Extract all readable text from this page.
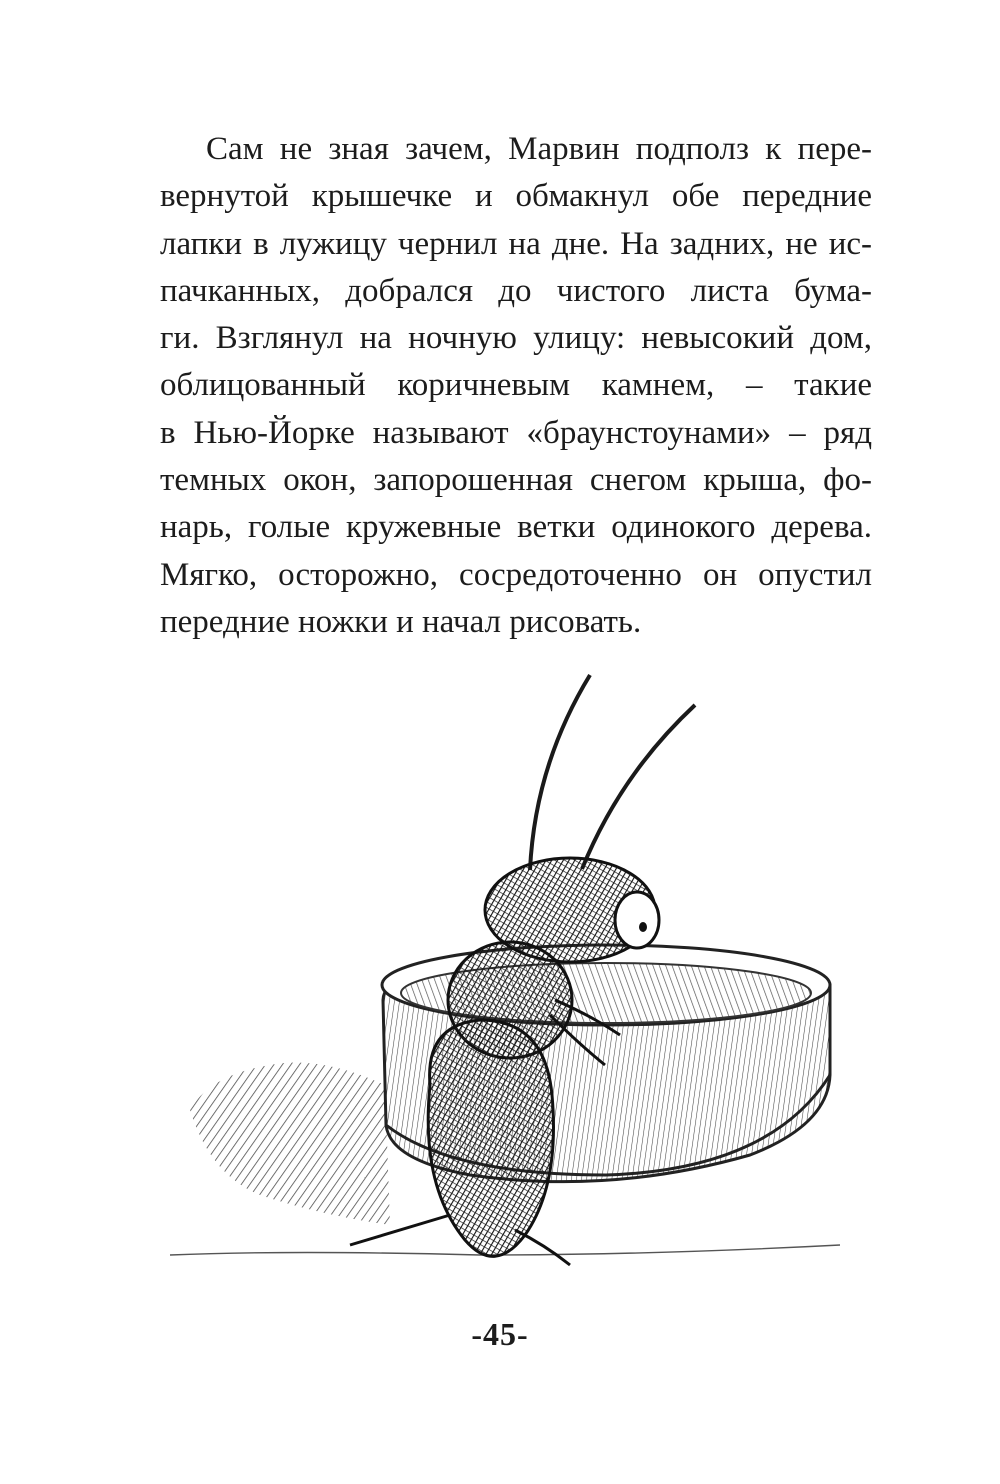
Сам не зная зачем, Марвин подполз к пере-
вернутой крышечке и обмакнул обе передние
лапки в лужицу чернил на дне. На задних, не ис-
пачканных, добрался до чистого листа бума-
ги. Взглянул на ночную улицу: невысокий дом,
облицованный коричневым камнем, – такие
в Нью-Йорке называют «браунстоунами» – ряд
темных окон, запорошенная снегом крыша, фо-
нарь, голые кружевные ветки одинокого дерева.
Мягко, осторожно, сосредоточенно он опустил
передние ножки и начал рисовать.
-45-
